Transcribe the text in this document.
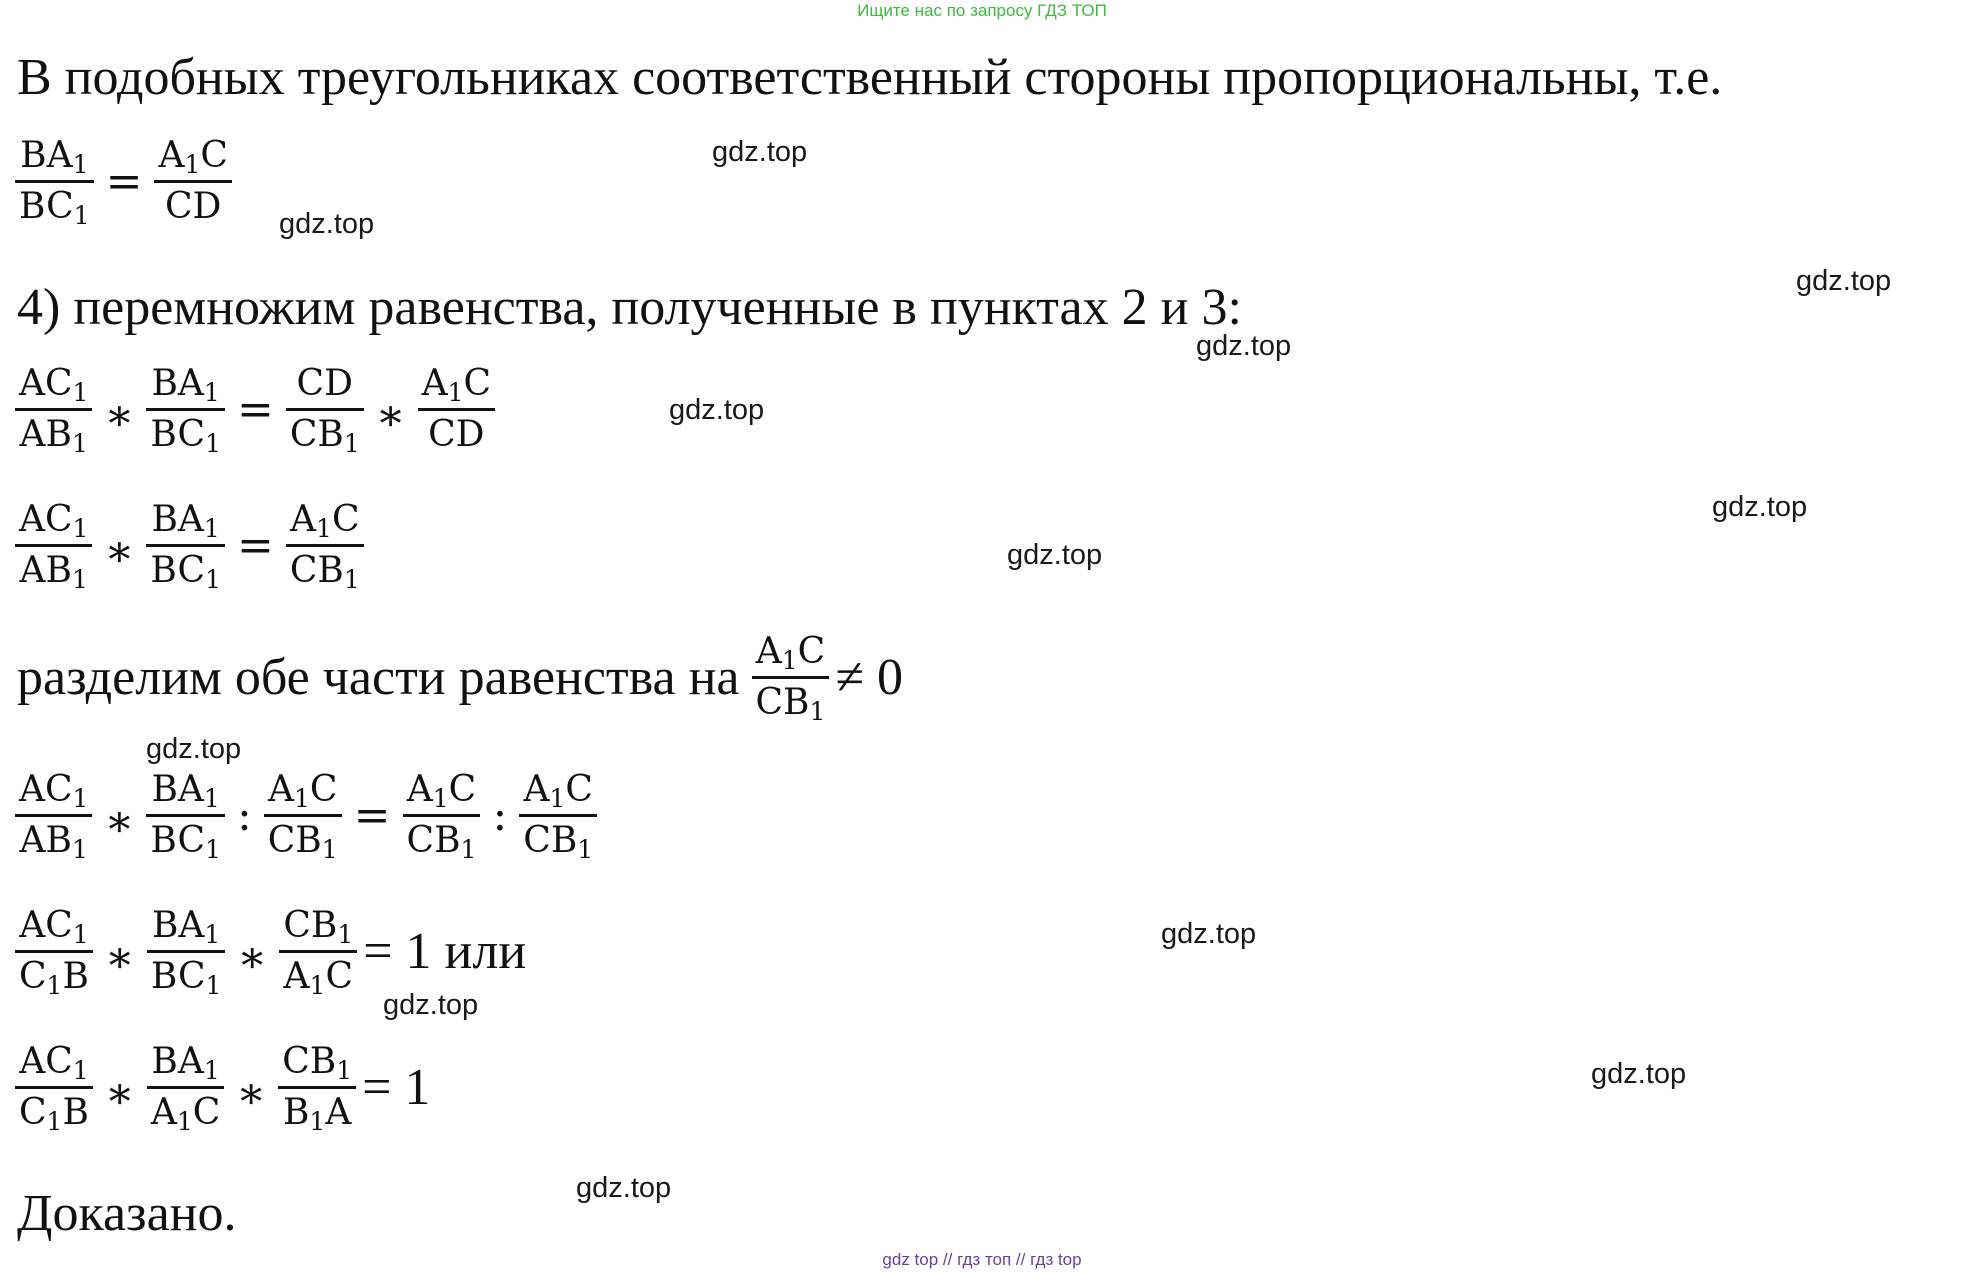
Ищите нас по запросу ГДЗ ТОП
В подобных треугольниках соответственный стороны пропорциональны, т.е.
$\frac{BA_1}{BC_1} = \frac{A_1C}{CD}$
4) перемножим равенства, полученные в пунктах 2 и 3:
$\frac{AC_1}{AB_1}$ ∗ $\frac{BA_1}{BC_1} = \frac{CD}{CB_1}$ ∗ $\frac{A_1C}{CD}$
$\frac{AC_1}{AB_1}$ ∗ $\frac{BA_1}{BC_1} = \frac{A_1C}{CB_1}$
разделим обе части равенства на $\frac{A_1C}{CB_1} \ne 0$
$\frac{AC_1}{AB_1}$ ∗ $\frac{BA_1}{BC_1}$ : $\frac{A_1C}{CB_1} = \frac{A_1C}{CB_1}$ : $\frac{A_1C}{CB_1}$
$\frac{AC_1}{C_1B}$ ∗ $\frac{BA_1}{BC_1}$ ∗ $\frac{CB_1}{A_1C} = 1$ или
$\frac{AC_1}{C_1B}$ ∗ $\frac{BA_1}{A_1C}$ ∗ $\frac{CB_1}{B_1A} = 1$
Доказано.
gdz.top
gdz.top
gdz.top
gdz.top
gdz.top
gdz.top
gdz.top
gdz.top
gdz.top
gdz.top
gdz.top
gdz.top
gdz top // гдз топ // гдз top
